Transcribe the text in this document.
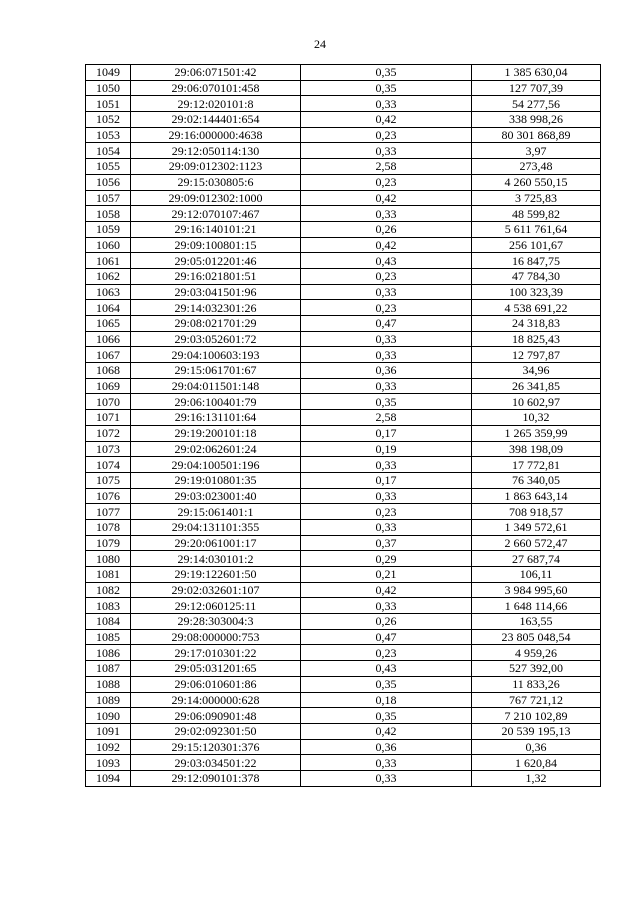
24
1049	29:06:071501:42	0,35	1 385 630,04
1050	29:06:070101:458	0,35	127 707,39
1051	29:12:020101:8	0,33	54 277,56
1052	29:02:144401:654	0,42	338 998,26
1053	29:16:000000:4638	0,23	80 301 868,89
1054	29:12:050114:130	0,33	3,97
1055	29:09:012302:1123	2,58	273,48
1056	29:15:030805:6	0,23	4 260 550,15
1057	29:09:012302:1000	0,42	3 725,83
1058	29:12:070107:467	0,33	48 599,82
1059	29:16:140101:21	0,26	5 611 761,64
1060	29:09:100801:15	0,42	256 101,67
1061	29:05:012201:46	0,43	16 847,75
1062	29:16:021801:51	0,23	47 784,30
1063	29:03:041501:96	0,33	100 323,39
1064	29:14:032301:26	0,23	4 538 691,22
1065	29:08:021701:29	0,47	24 318,83
1066	29:03:052601:72	0,33	18 825,43
1067	29:04:100603:193	0,33	12 797,87
1068	29:15:061701:67	0,36	34,96
1069	29:04:011501:148	0,33	26 341,85
1070	29:06:100401:79	0,35	10 602,97
1071	29:16:131101:64	2,58	10,32
1072	29:19:200101:18	0,17	1 265 359,99
1073	29:02:062601:24	0,19	398 198,09
1074	29:04:100501:196	0,33	17 772,81
1075	29:19:010801:35	0,17	76 340,05
1076	29:03:023001:40	0,33	1 863 643,14
1077	29:15:061401:1	0,23	708 918,57
1078	29:04:131101:355	0,33	1 349 572,61
1079	29:20:061001:17	0,37	2 660 572,47
1080	29:14:030101:2	0,29	27 687,74
1081	29:19:122601:50	0,21	106,11
1082	29:02:032601:107	0,42	3 984 995,60
1083	29:12:060125:11	0,33	1 648 114,66
1084	29:28:303004:3	0,26	163,55
1085	29:08:000000:753	0,47	23 805 048,54
1086	29:17:010301:22	0,23	4 959,26
1087	29:05:031201:65	0,43	527 392,00
1088	29:06:010601:86	0,35	11 833,26
1089	29:14:000000:628	0,18	767 721,12
1090	29:06:090901:48	0,35	7 210 102,89
1091	29:02:092301:50	0,42	20 539 195,13
1092	29:15:120301:376	0,36	0,36
1093	29:03:034501:22	0,33	1 620,84
1094	29:12:090101:378	0,33	1,32
